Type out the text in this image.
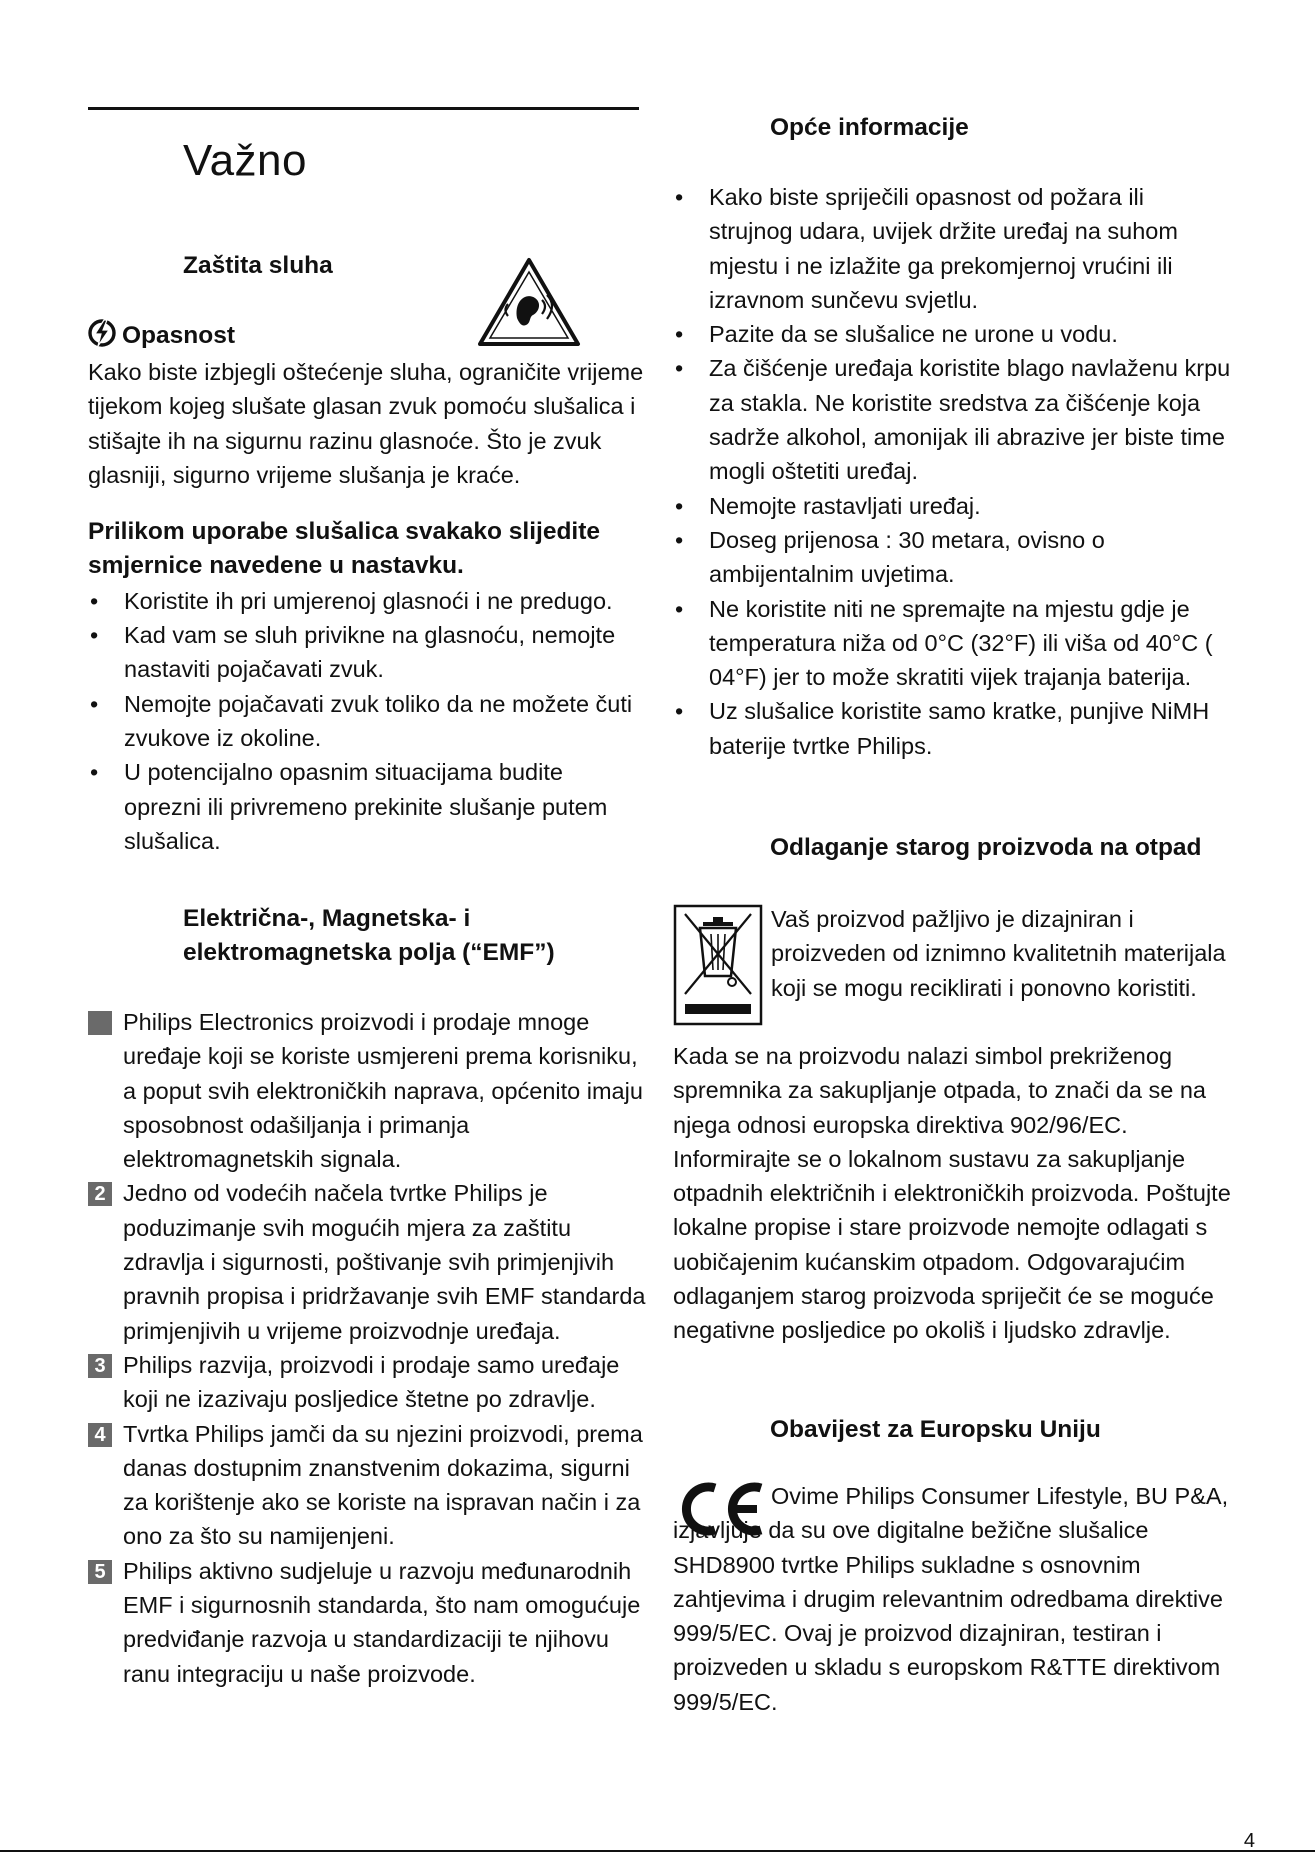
Važno
Zaštita sluha
Opasnost

Kako biste izbjegli oštećenje sluha, ograničite vrijeme tijekom kojeg slušate glasan zvuk pomoću slušalica i stišajte ih na sigurnu razinu glasnoće. Što je zvuk glasniji, sigurno vrijeme slušanja je kraće.

Prilikom uporabe slušalica svakako slijedite smjernice navedene u nastavku.

• Koristite ih pri umjerenoj glasnoći i ne predugo.
• Kad vam se sluh privikne na glasnoću, nemojte nastaviti pojačavati zvuk.
• Nemojte pojačavati zvuk toliko da ne možete čuti zvukove iz okoline.
• U potencijalno opasnim situacijama budite oprezni ili privremeno prekinite slušanje putem slušalica.
Električna-, Magnetska- i
elektromagnetska polja (“EMF”)
Philips Electronics proizvodi i prodaje mnoge uređaje koji se koriste usmjereni prema korisniku, a poput svih elektroničkih naprava, općenito imaju sposobnost odašiljanja i primanja elektromagnetskih signala.
2 Jedno od vodećih načela tvrtke Philips je poduzimanje svih mogućih mjera za zaštitu zdravlja i sigurnosti, poštivanje svih primjenjivih pravnih propisa i pridržavanje svih EMF standarda primjenjivih u vrijeme proizvodnje uređaja.
3 Philips razvija, proizvodi i prodaje samo uređaje koji ne izazivaju posljedice štetne po zdravlje.
4 Tvrtka Philips jamči da su njezini proizvodi, prema danas dostupnim znanstvenim dokazima, sigurni za korištenje ako se koriste na ispravan način i za ono za što su namijenjeni.
5 Philips aktivno sudjeluje u razvoju međunarodnih EMF i sigurnosnih standarda, što nam omogućuje predviđanje razvoja u standardizaciji te njihovu ranu integraciju u naše proizvode.
Opće informacije
• Kako biste spriječili opasnost od požara ili strujnog udara, uvijek držite uređaj na suhom mjestu i ne izlažite ga prekomjernoj vrućini ili izravnom sunčevu svjetlu.
• Pazite da se slušalice ne urone u vodu.
• Za čišćenje uređaja koristite blago navlaženu krpu za stakla. Ne koristite sredstva za čišćenje koja sadrže alkohol, amonijak ili abrazive jer biste time mogli oštetiti uređaj.
• Nemojte rastavljati uređaj.
• Doseg prijenosa : 30 metara, ovisno o ambijentalnim uvjetima.
• Ne koristite niti ne spremajte na mjestu gdje je temperatura niža od 0°C (32°F) ili viša od 40°C ( 04°F) jer to može skratiti vijek trajanja baterija.
• Uz slušalice koristite samo kratke, punjive NiMH baterije tvrtke Philips.
Odlaganje starog proizvoda na otpad
Vaš proizvod pažljivo je dizajniran i proizveden od iznimno kvalitetnih materijala koji se mogu reciklirati i ponovno koristiti.
Kada se na proizvodu nalazi simbol prekriženog spremnika za sakupljanje otpada, to znači da se na njega odnosi europska direktiva 902/96/EC. Informirajte se o lokalnom sustavu za sakupljanje otpadnih električnih i elektroničkih proizvoda. Poštujte lokalne propise i stare proizvode nemojte odlagati s uobičajenim kućanskim otpadom. Odgovarajućim odlaganjem starog proizvoda spriječit će se moguće negativne posljedice po okoliš i ljudsko zdravlje.
Obavijest za Europsku Uniju
Ovime Philips Consumer Lifestyle, BU P&A, izjavljuje da su ove digitalne bežične slušalice SHD8900 tvrtke Philips sukladne s osnovnim zahtjevima i drugim relevantnim odredbama direktive 999/5/EC. Ovaj je proizvod dizajniran, testiran i proizveden u skladu s europskom R&TTE direktivom 999/5/EC.
4
